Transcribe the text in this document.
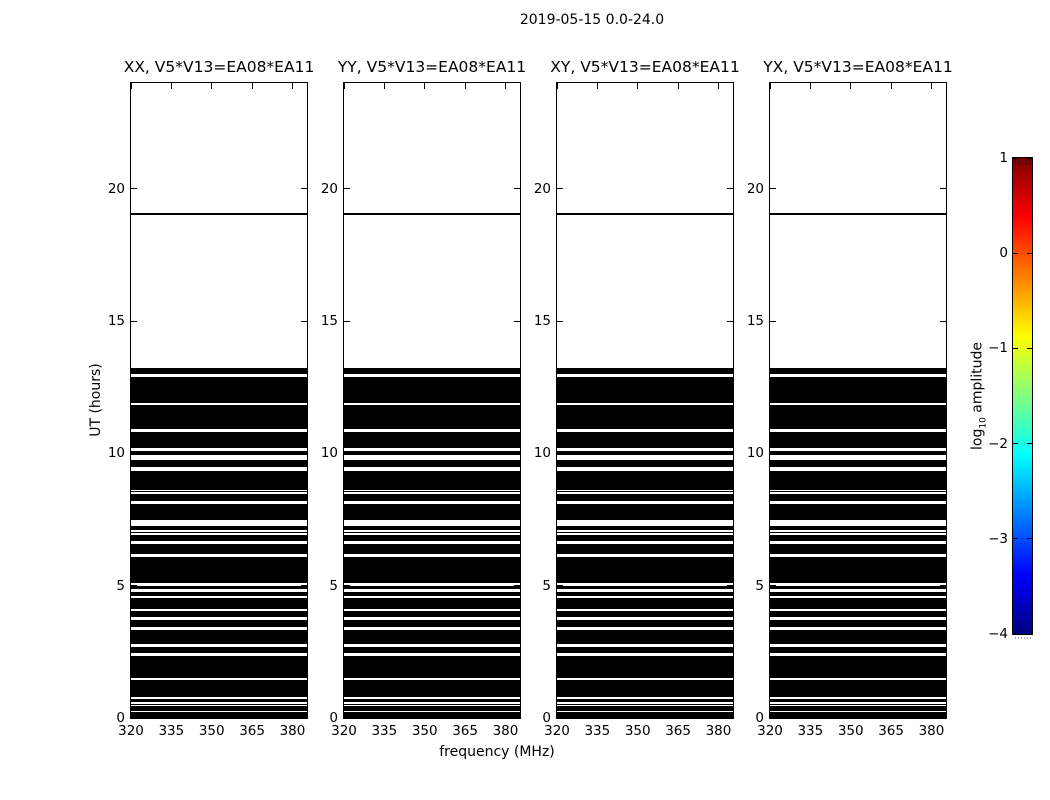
2019-05-15 0.0-24.0
XX, V5*V13=EA08*EA11
320 335 350 365 380
0
5
10
15
20
YY, V5*V13=EA08*EA11
320 335 350 365 380
0
5
10
15
20
XY, V5*V13=EA08*EA11
320 335 350 365 380
0
5
10
15
20
YX, V5*V13=EA08*EA11
320 335 350 365 380
0
5
10
15
20
frequency (MHz)
UT (hours)
1
0
−1
−2
−3
−4
$\log_{10}$ amplitude
